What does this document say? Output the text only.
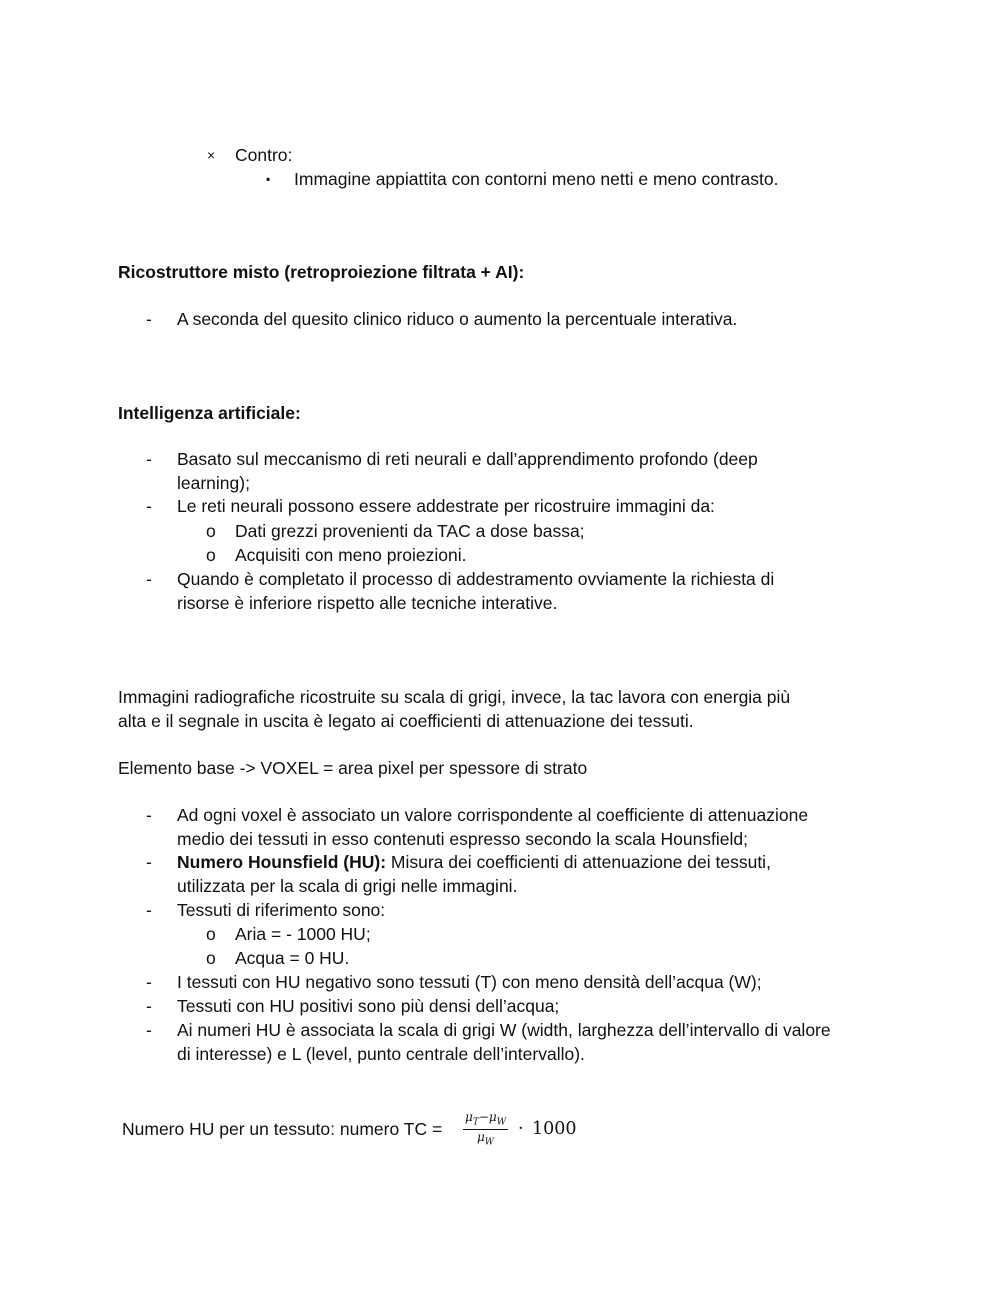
× Contro:
▪ Immagine appiattita con contorni meno netti e meno contrasto.
Ricostruttore misto (retroproiezione filtrata + AI):
- A seconda del quesito clinico riduco o aumento la percentuale interativa.
Intelligenza artificiale:
- Basato sul meccanismo di reti neurali e dall’apprendimento profondo (deep
learning);
- Le reti neurali possono essere addestrate per ricostruire immagini da:
o Dati grezzi provenienti da TAC a dose bassa;
o Acquisiti con meno proiezioni.
- Quando è completato il processo di addestramento ovviamente la richiesta di
risorse è inferiore rispetto alle tecniche interative.
Immagini radiografiche ricostruite su scala di grigi, invece, la tac lavora con energia più
alta e il segnale in uscita è legato ai coefficienti di attenuazione dei tessuti.
Elemento base -> VOXEL = area pixel per spessore di strato
- Ad ogni voxel è associato un valore corrispondente al coefficiente di attenuazione
medio dei tessuti in esso contenuti espresso secondo la scala Hounsfield;
- Numero Hounsfield (HU): Misura dei coefficienti di attenuazione dei tessuti,
utilizzata per la scala di grigi nelle immagini.
- Tessuti di riferimento sono:
o Aria = - 1000 HU;
o Acqua = 0 HU.
- I tessuti con HU negativo sono tessuti (T) con meno densità dell’acqua (W);
- Tessuti con HU positivi sono più densi dell’acqua;
- Ai numeri HU è associata la scala di grigi W (width, larghezza dell’intervallo di valore
di interesse) e L (level, punto centrale dell’intervallo).
Numero HU per un tessuto: numero TC = $\frac{\mu_T-\mu_W}{\mu_W} \cdot 1000$
